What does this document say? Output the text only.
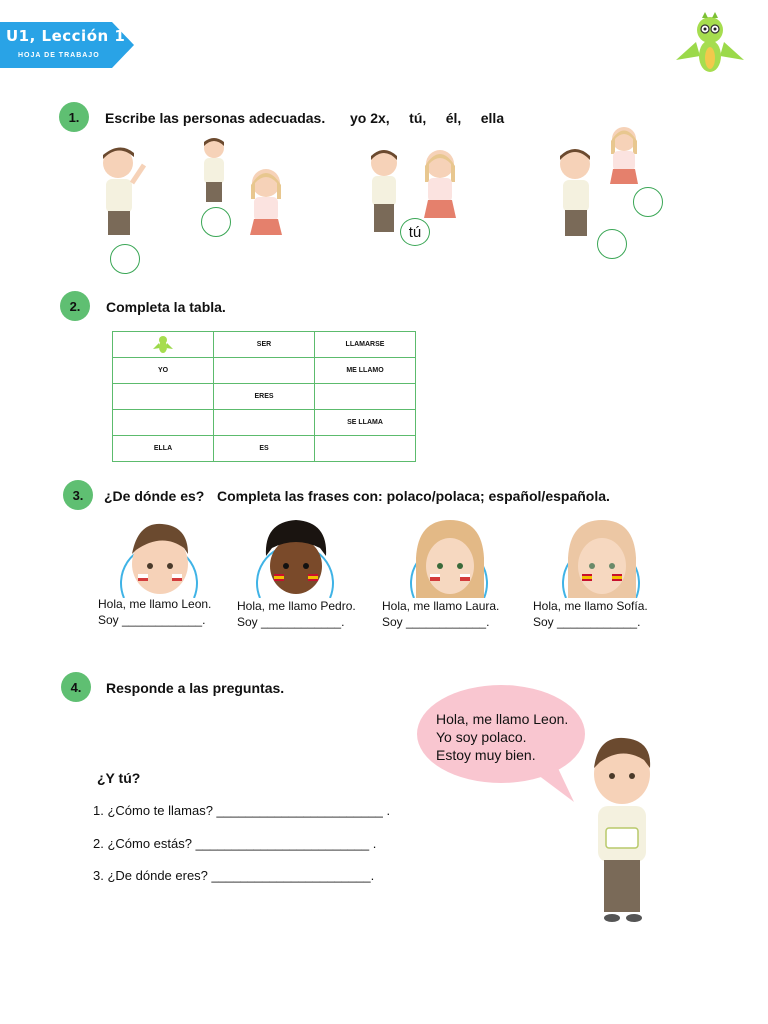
U1, Lección 1
HOJA DE TRABAJO
1.	Escribe las personas adecuadas. yo 2x, tú, él, ella
tú
2.	Completa la tabla.
	SER	LLAMARSE
YO		ME LLAMO
	ERES	
		SE LLAMA
ELLA	ES	
3.	¿De dónde es? Completa las frases con: polaco/polaca; español/española.
Hola, me llamo Leon.
Soy ____________.
Hola, me llamo Pedro.
Soy ____________.
Hola, me llamo Laura.
Soy ____________.
Hola, me llamo Sofía.
Soy ____________.
4.	Responde a las preguntas.
Hola, me llamo Leon.
Yo soy polaco.
Estoy muy bien.
¿Y tú?
1. ¿Cómo te llamas? _______________________ .
2. ¿Cómo estás? ________________________ .
3. ¿De dónde eres? ______________________.
